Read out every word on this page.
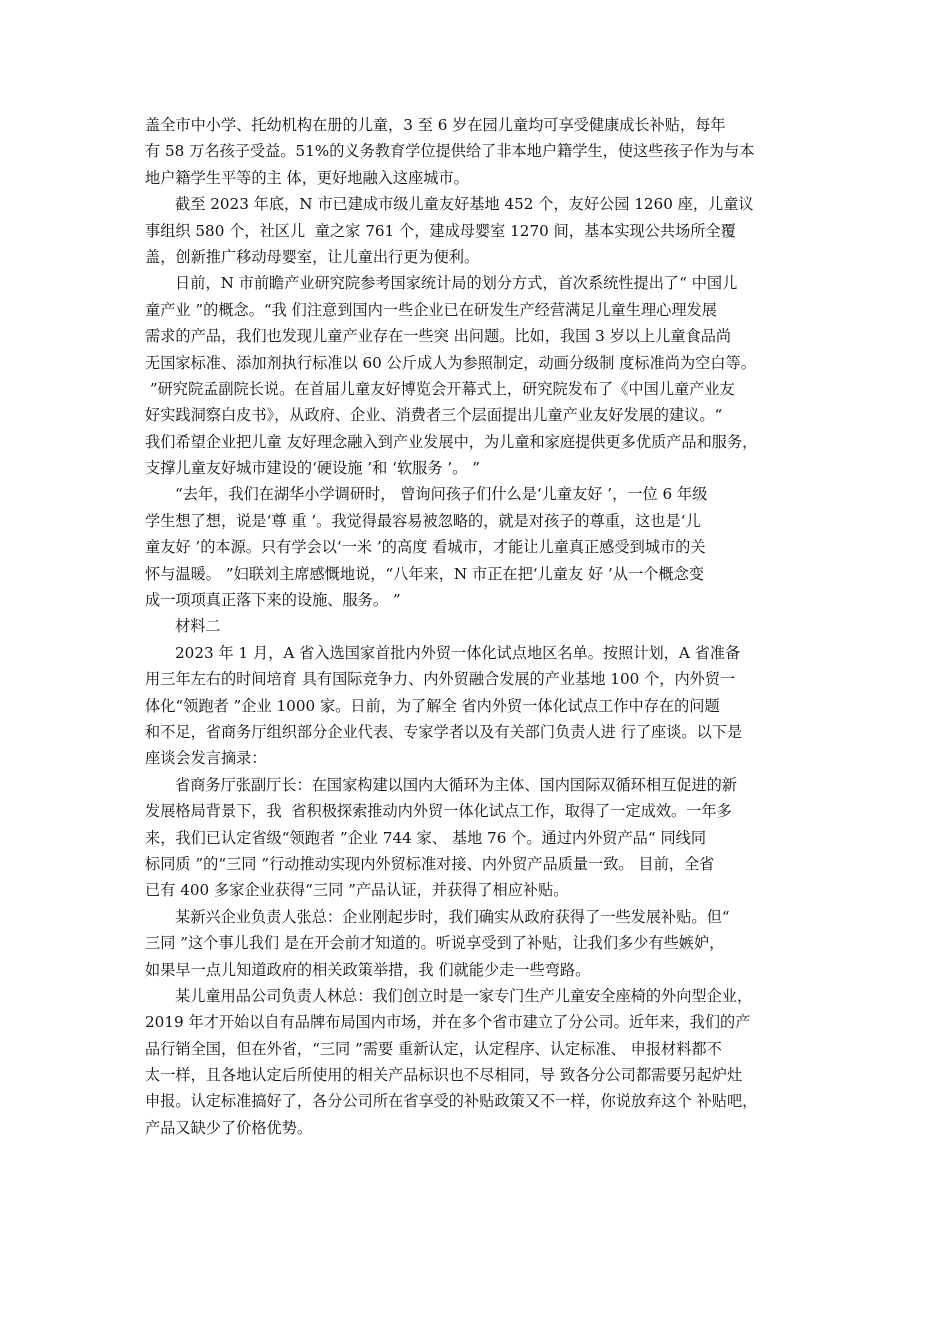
盖全市中小学、托幼机构在册的儿童，3 至 6 岁在园儿童均可享受健康成长补贴，每年
有 58 万名孩子受益。51%的义务教育学位提供给了非本地户籍学生，使这些孩子作为与本
地户籍学生平等的主 体，更好地融入这座城市。
截至 2023 年底，N 市已建成市级儿童友好基地 452 个，友好公园 1260 座，儿童议
事组织 580 个，社区儿  童之家 761 个，建成母婴室 1270 间，基本实现公共场所全覆
盖，创新推广移动母婴室，让儿童出行更为便利。
日前，N 市前瞻产业研究院参考国家统计局的划分方式，首次系统性提出了“ 中国儿
童产业 ”的概念。“我 们注意到国内一些企业已在研发生产经营满足儿童生理心理发展
需求的产品，我们也发现儿童产业存在一些突 出问题。比如，我国 3 岁以上儿童食品尚
无国家标准、添加剂执行标准以 60 公斤成人为参照制定，动画分级制 度标准尚为空白等。
”研究院孟副院长说。在首届儿童友好博览会开幕式上，研究院发布了《中国儿童产业友
好实践洞察白皮书》，从政府、企业、消费者三个层面提出儿童产业友好发展的建议。“
我们希望企业把儿童 友好理念融入到产业发展中，为儿童和家庭提供更多优质产品和服务，
支撑儿童友好城市建设的‘硬设施 ’和 ‘软服务 ’。 ”
“去年，我们在湖华小学调研时， 曾询问孩子们什么是‘儿童友好 ’，一位 6 年级
学生想了想，说是‘尊 重 ’。我觉得最容易被忽略的，就是对孩子的尊重，这也是‘儿
童友好 ’的本源。只有学会以‘一米 ’的高度 看城市，才能让儿童真正感受到城市的关
怀与温暖。 ”妇联刘主席感慨地说，“八年来，N 市正在把‘儿童友 好 ’从一个概念变
成一项项真正落下来的设施、服务。 ”
材料二
2023 年 1 月，A 省入选国家首批内外贸一体化试点地区名单。按照计划，A 省准备
用三年左右的时间培育 具有国际竞争力、内外贸融合发展的产业基地 100 个，内外贸一
体化“领跑者 ”企业 1000 家。日前，为了解全 省内外贸一体化试点工作中存在的问题
和不足，省商务厅组织部分企业代表、专家学者以及有关部门负责人进 行了座谈。以下是
座谈会发言摘录：
省商务厅张副厅长：在国家构建以国内大循环为主体、国内国际双循环相互促进的新
发展格局背景下，我  省积极探索推动内外贸一体化试点工作，取得了一定成效。一年多
来，我们已认定省级“领跑者 ”企业 744 家、 基地 76 个。通过内外贸产品“ 同线同
标同质 ”的“三同 ”行动推动实现内外贸标准对接、内外贸产品质量一致。 目前，全省
已有 400 多家企业获得“三同 ”产品认证，并获得了相应补贴。
某新兴企业负责人张总：企业刚起步时，我们确实从政府获得了一些发展补贴。但“
三同 ”这个事儿我们 是在开会前才知道的。听说享受到了补贴，让我们多少有些嫉妒，
如果早一点儿知道政府的相关政策举措，我 们就能少走一些弯路。
某儿童用品公司负责人林总：我们创立时是一家专门生产儿童安全座椅的外向型企业，
2019 年才开始以自有品牌布局国内市场，并在多个省市建立了分公司。近年来，我们的产
品行销全国，但在外省，“三同 ”需要 重新认定，认定程序、认定标准、 申报材料都不
太一样，且各地认定后所使用的相关产品标识也不尽相同，导 致各分公司都需要另起炉灶
申报。认定标准搞好了，各分公司所在省享受的补贴政策又不一样，你说放弃这个 补贴吧，
产品又缺少了价格优势。
